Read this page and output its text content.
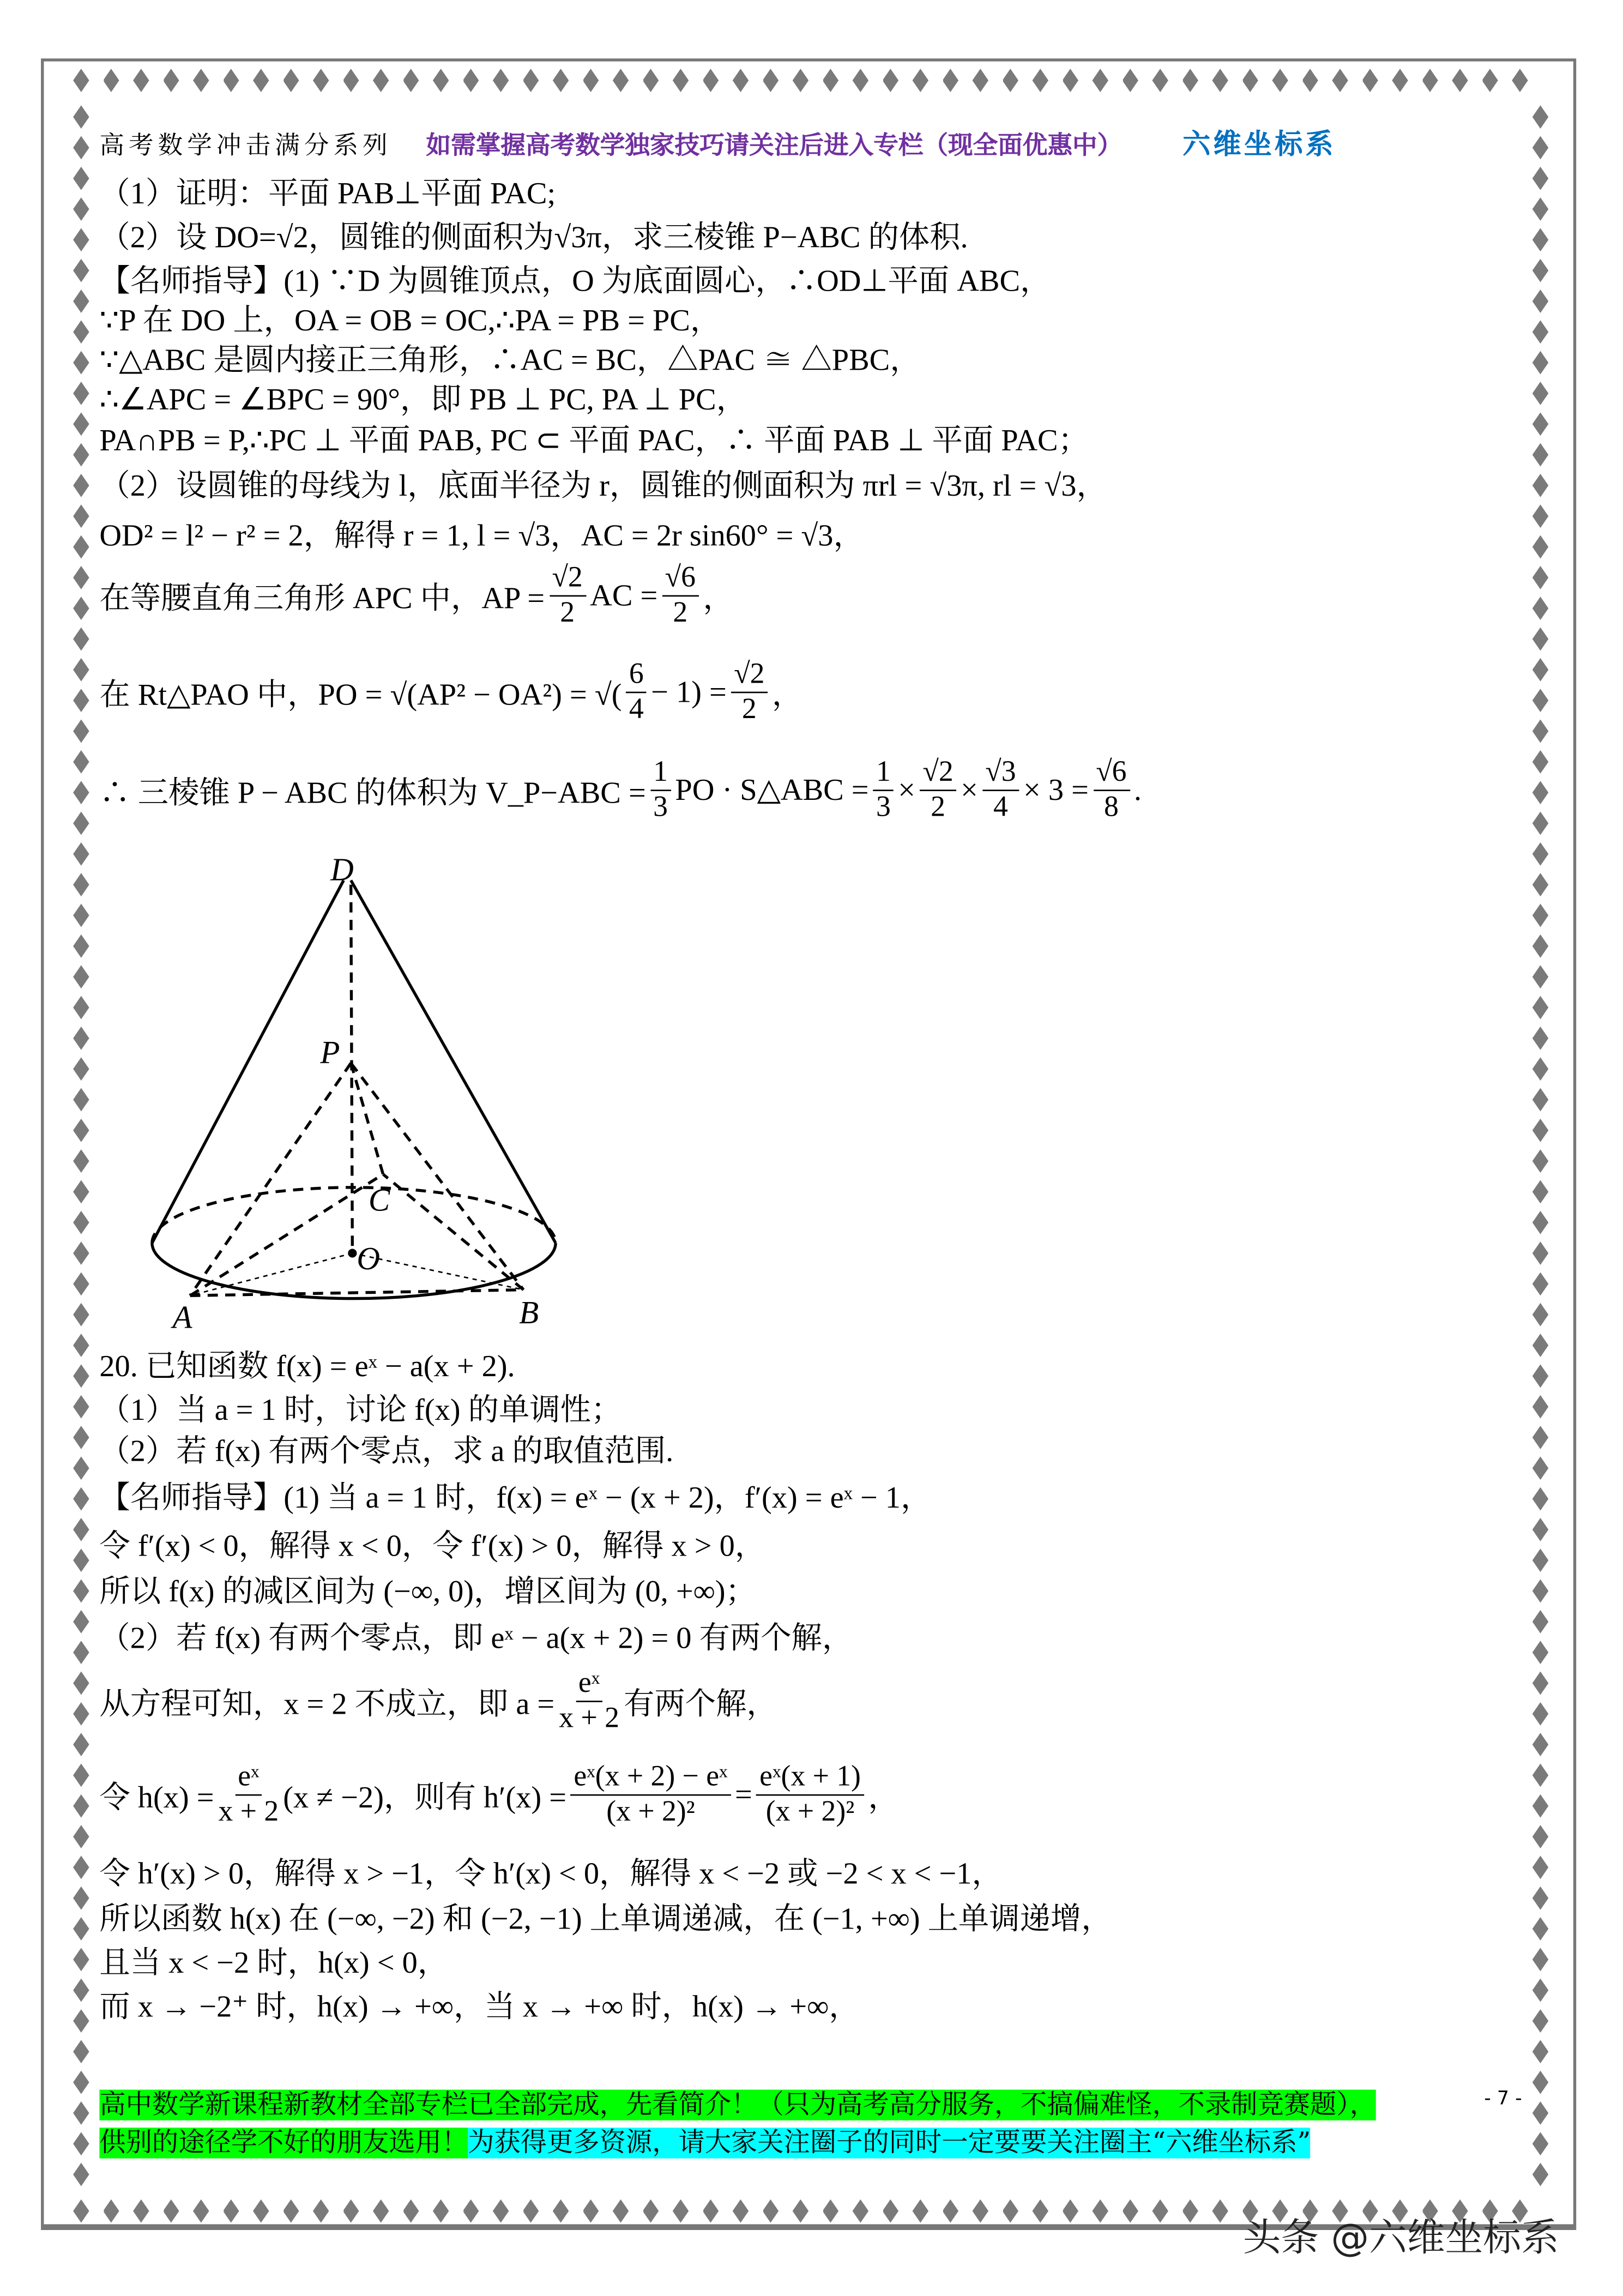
高考数学冲击满分系列	如需掌握高考数学独家技巧请关注后进入专栏（现全面优惠中）	六维坐标系
（1）证明：平面 PAB⊥平面 PAC;
（2）设 DO=√2，圆锥的侧面积为√3π，求三棱锥 P−ABC 的体积.
【名师指导】(1) ∵D 为圆锥顶点，O 为底面圆心，∴OD⊥平面 ABC，
∵P 在 DO 上，OA = OB = OC,∴PA = PB = PC，
∵△ABC 是圆内接正三角形，∴AC = BC，△PAC ≅ △PBC，
∴∠APC = ∠BPC = 90°，即 PB ⊥ PC, PA ⊥ PC，
PA∩PB = P,∴PC ⊥ 平面 PAB, PC ⊂ 平面 PAC，∴ 平面 PAB ⊥ 平面 PAC；
（2）设圆锥的母线为 l，底面半径为 r，圆锥的侧面积为 πrl = √3π, rl = √3，
OD² = l² − r² = 2，解得 r = 1, l = √3，AC = 2r sin60° = √3，
在等腰直角三角形 APC 中，AP = $\frac{√2}{2}$ AC = $\frac{√6}{2}$ ，
在 Rt△PAO 中，PO = √(AP² − OA²) = √( $\frac{6}{4} - 1) = \frac{√2}{2}$ ，
∴ 三棱锥 P − ABC 的体积为 V_P−ABC = $\frac{1}{3}$ PO · S△ABC = $\frac{1}{3} \times \frac{√2}{2} \times \frac{√3}{4} \times 3 = \frac{√6}{8}$ .
20. 已知函数 f(x) = eˣ − a(x + 2).
（1）当 a = 1 时，讨论 f(x) 的单调性；
（2）若 f(x) 有两个零点，求 a 的取值范围.
【名师指导】(1) 当 a = 1 时，f(x) = eˣ − (x + 2)，f′(x) = eˣ − 1，
令 f′(x) < 0，解得 x < 0，令 f′(x) > 0，解得 x > 0，
所以 f(x) 的减区间为 (−∞, 0)，增区间为 (0, +∞)；
（2）若 f(x) 有两个零点，即 eˣ − a(x + 2) = 0 有两个解，
从方程可知，x = 2 不成立，即 $a = \frac{\text{eˣ}}{x + 2}$ 有两个解，
令 $h(x) = \frac{\text{eˣ}}{x + 2} (x \ne -2)$，则有 $h'(x) = \frac{\text{eˣ(x + 2) − eˣ}}{\text{(x + 2)²}} = \frac{\text{eˣ(x + 1)}}{\text{(x + 2)²}}$ ，
令 h′(x) > 0，解得 x > −1，令 h′(x) < 0，解得 x < −2 或 −2 < x < −1，
所以函数 h(x) 在 (−∞, −2) 和 (−2, −1) 上单调递减，在 (−1, +∞) 上单调递增，
且当 x < −2 时，h(x) < 0，
而 x → −2⁺ 时，h(x) → +∞，当 x → +∞ 时，h(x) → +∞，
D
P
C
O
A	B
高中数学新课程新教材全部专栏已全部完成，先看简介！（只为高考高分服务，不搞偏难怪，不录制竞赛题），
供别的途径学不好的朋友选用！为获得更多资源，请大家关注圈子的同时一定要要关注圈主“六维坐标系”
- 7 -
头条 @六维坐标系
